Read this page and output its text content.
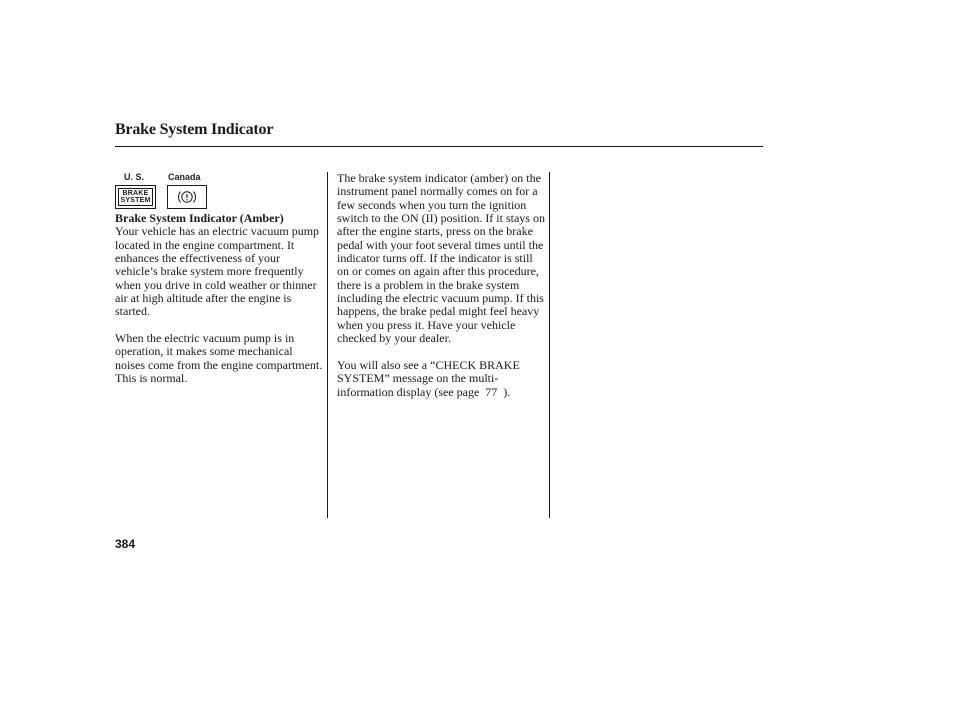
Brake System Indicator
U. S.	Canada
BRAKE
SYSTEM
Brake System Indicator (Amber)

Your vehicle has an electric vacuum pump located in the engine compartment. It enhances the effectiveness of your vehicle’s brake system more frequently when you drive in cold weather or thinner air at high altitude after the engine is started.

When the electric vacuum pump is in operation, it makes some mechanical noises come from the engine compartment. This is normal.

The brake system indicator (amber) on the instrument panel normally comes on for a few seconds when you turn the ignition switch to the ON (II) position. If it stays on after the engine starts, press on the brake pedal with your foot several times until the indicator turns off. If the indicator is still on or comes on again after this procedure, there is a problem in the brake system including the electric vacuum pump. If this happens, the brake pedal might feel heavy when you press it. Have your vehicle checked by your dealer.

You will also see a “CHECK BRAKE SYSTEM” message on the multi-information display (see page 77 ).

384
